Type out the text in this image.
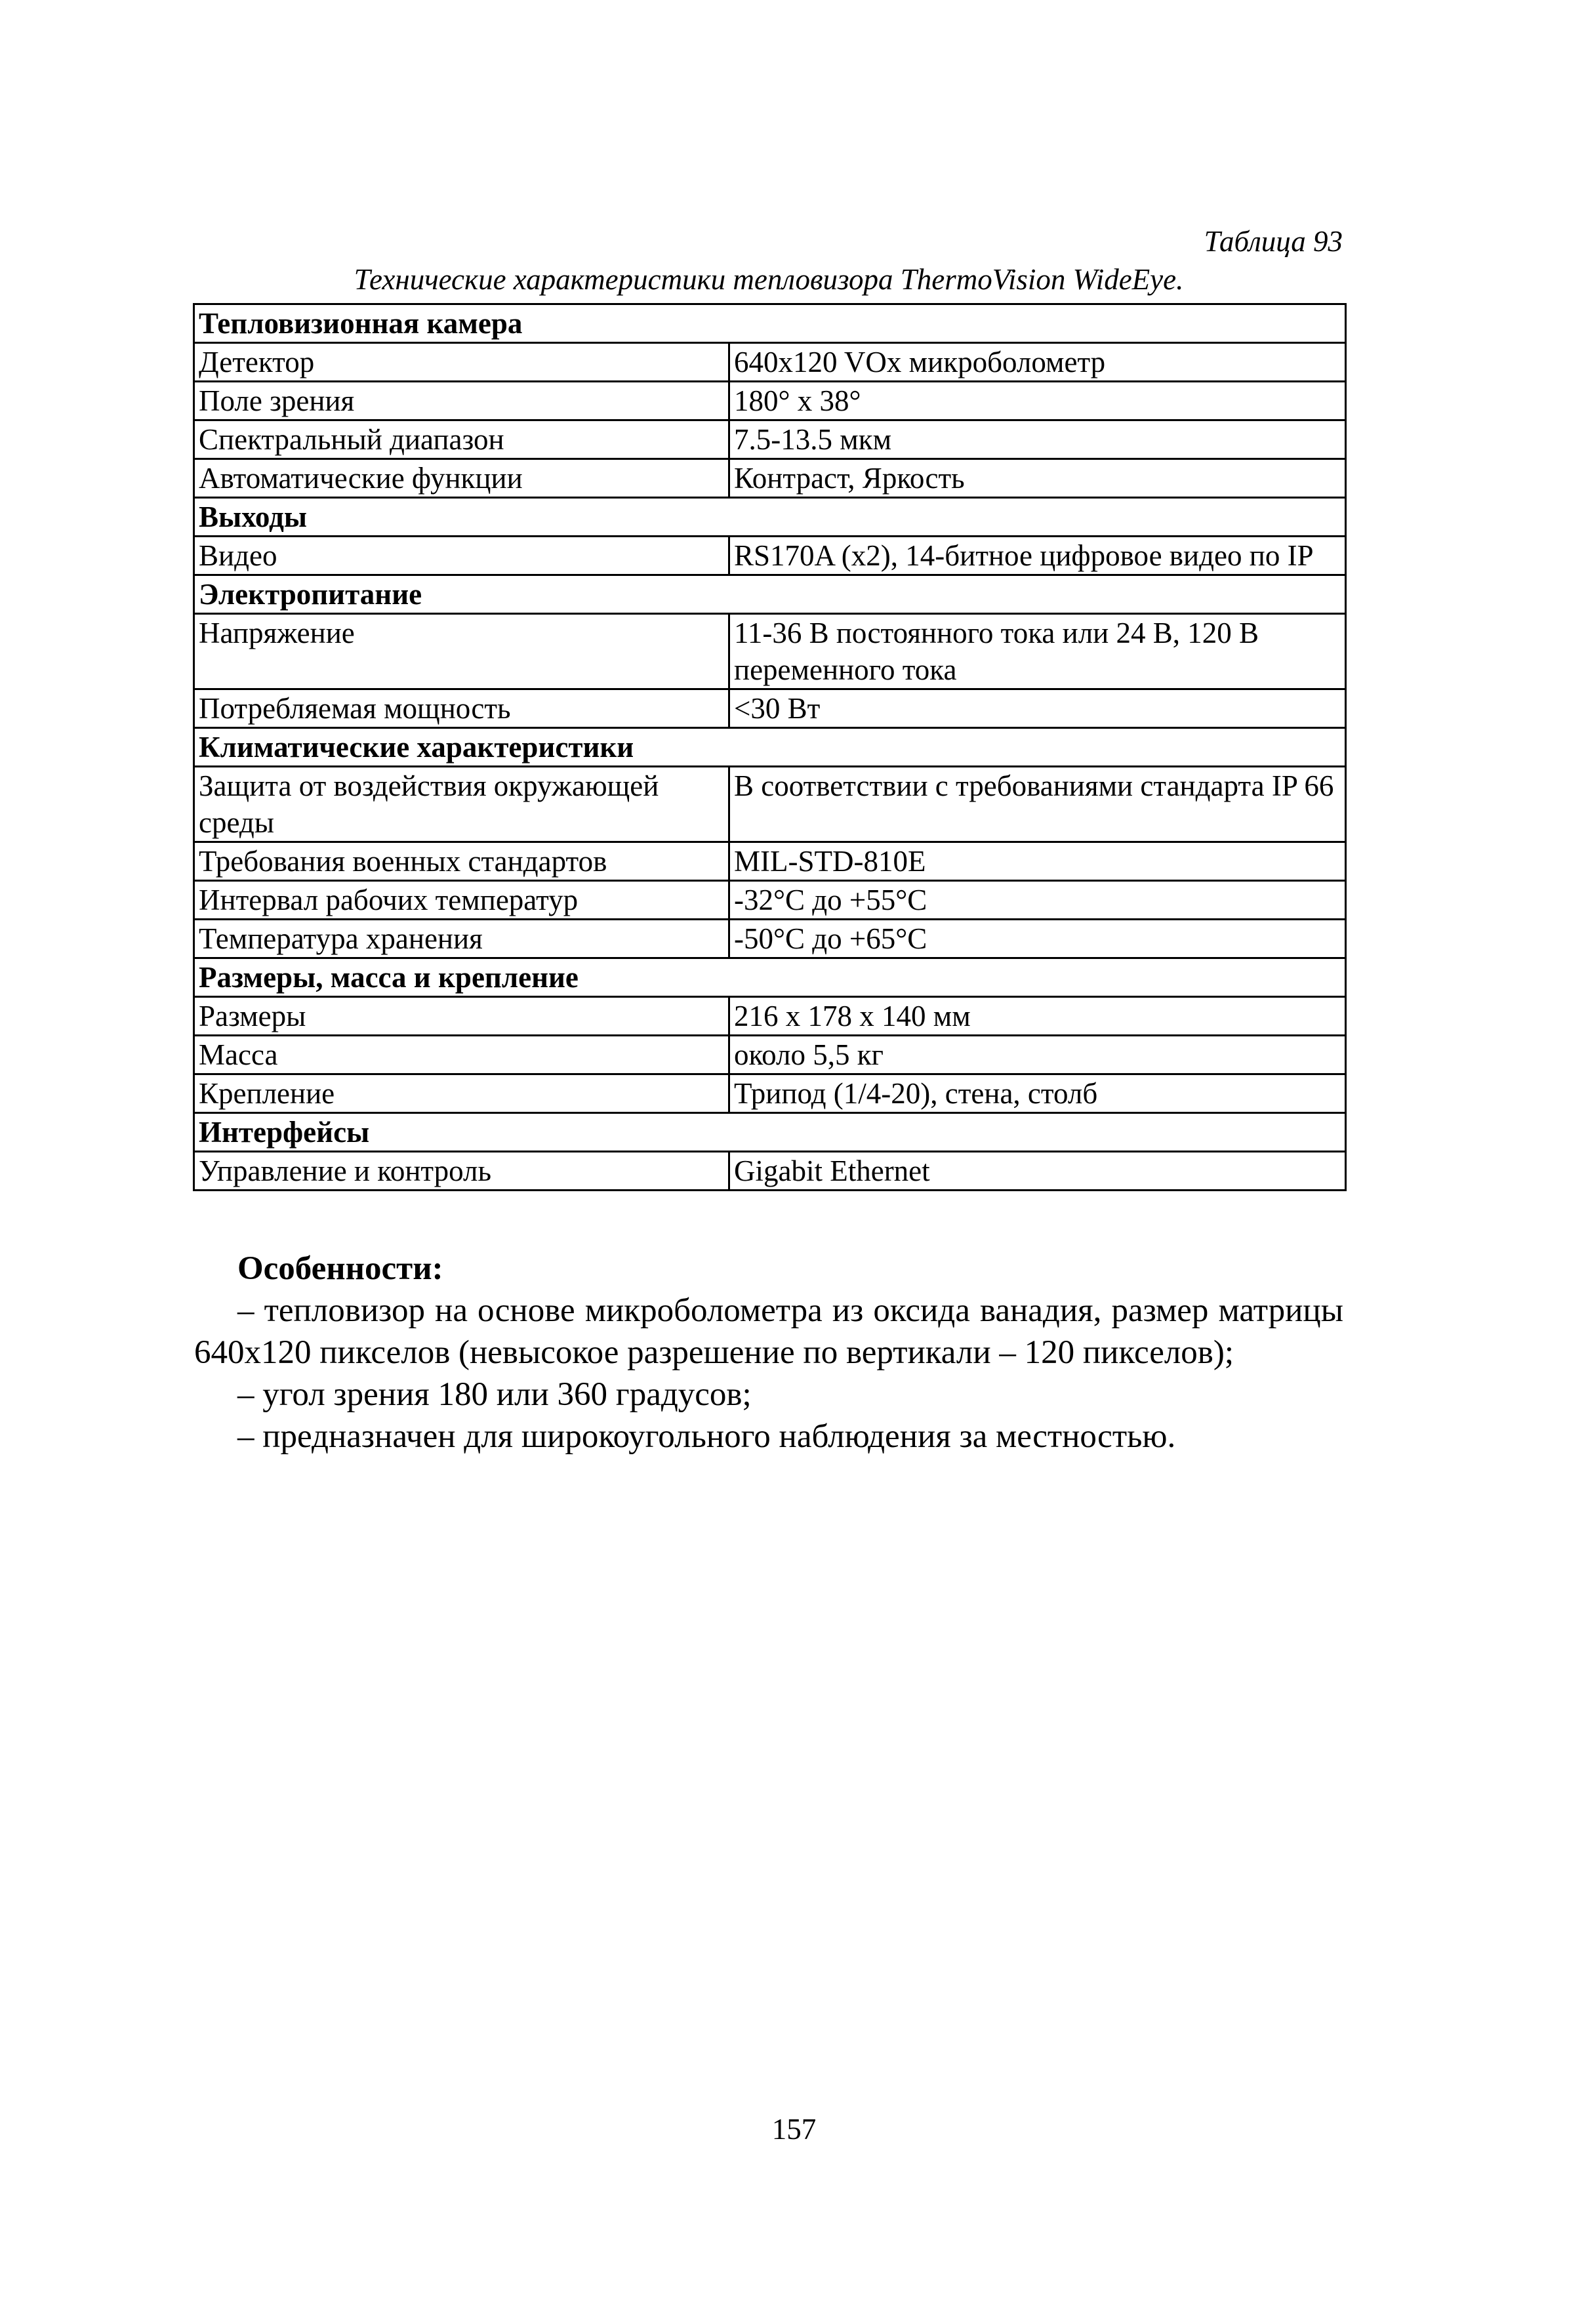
Таблица 93
Технические характеристики тепловизора ThermoVision WideEye.
Тепловизионная камера	
Детектор	640x120 VOx микроболометр
Поле зрения	180° x 38°
Спектральный диапазон	7.5-13.5 мкм
Автоматические функции	Контраст, Яркость
Выходы	
Видео	RS170A (x2), 14-битное цифровое видео по IP
Электропитание	
Напряжение	11-36 В постоянного тока или 24 В, 120 В переменного тока
Потребляемая мощность	<30 Вт
Климатические характеристики	
Защита от воздействия окружающей среды	В соответствии с требованиями стандарта IP 66
Требования военных стандартов	MIL-STD-810E
Интервал рабочих температур	-32°C до +55°C
Температура хранения	-50°C до +65°C
Размеры, масса и крепление	
Размеры	216 x 178 x 140 мм
Масса	около 5,5 кг
Крепление	Трипод (1/4-20), стена, столб
Интерфейсы	
Управление и контроль	Gigabit Ethernet
Особенности:

– тепловизор на основе микроболометра из оксида ванадия, размер матрицы 640x120 пикселов (невысокое разрешение по вертикали – 120 пикселов);

– угол зрения 180 или 360 градусов;

– предназначен для широкоугольного наблюдения за местностью.

157
